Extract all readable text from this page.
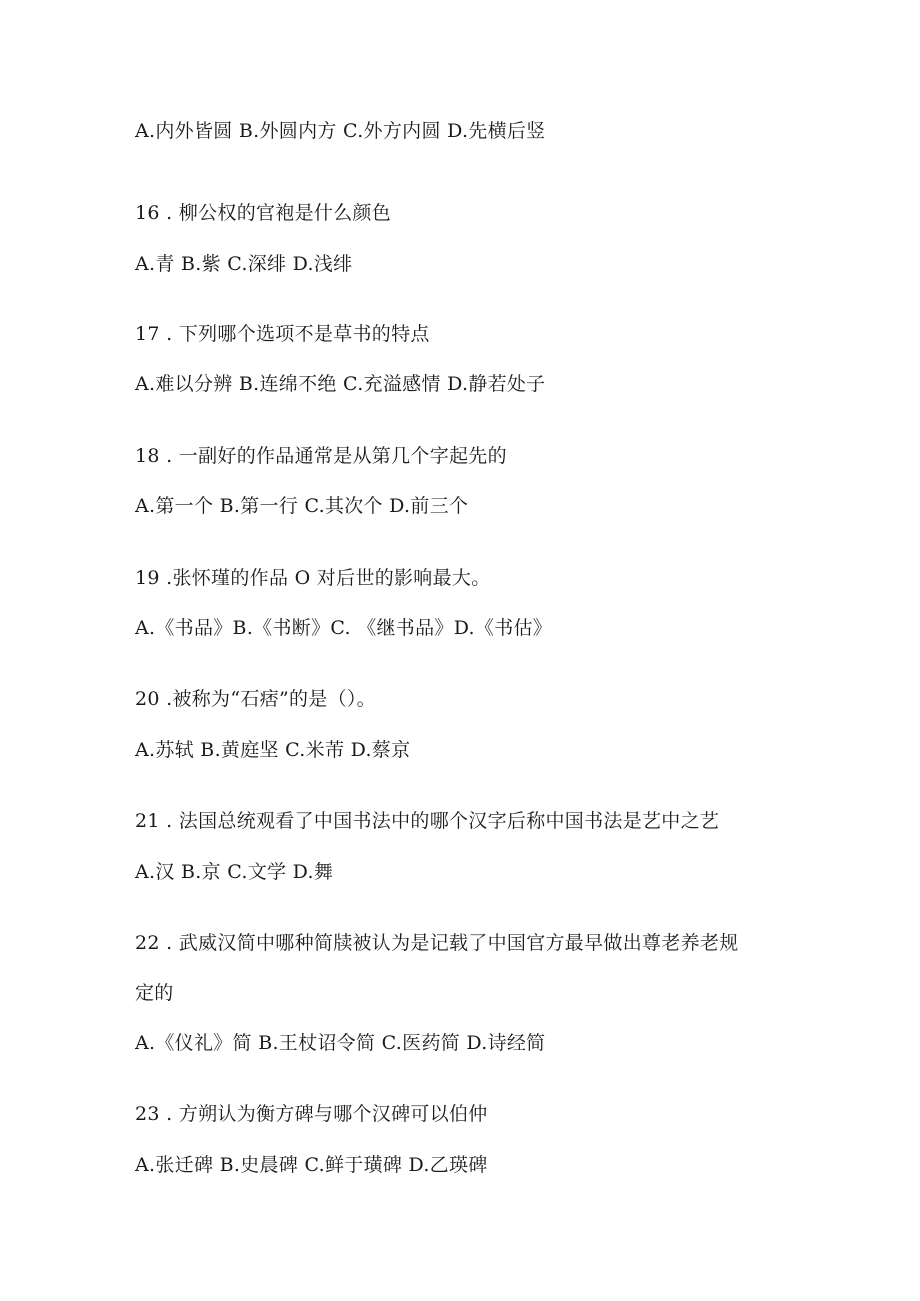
A.内外皆圆 B.外圆内方 C.外方内圆 D.先横后竖
16 . 柳公权的官袍是什么颜色
A.青 B.紫 C.深绯 D.浅绯
17 . 下列哪个选项不是草书的特点
A.难以分辨 B.连绵不绝 C.充溢感情 D.静若处子
18 . 一副好的作品通常是从第几个字起先的
A.第一个 B.第一行 C.其次个 D.前三个
19 .张怀瑾的作品 O 对后世的影响最大。
A.《书品》B.《书断》C. 《继书品》D.《书估》
20 .被称为“石痞”的是（）。
A.苏轼 B.黄庭坚 C.米芾 D.蔡京
21 . 法国总统观看了中国书法中的哪个汉字后称中国书法是艺中之艺
A.汉 B.京 C.文学 D.舞
22 . 武威汉简中哪种简牍被认为是记载了中国官方最早做出尊老养老规
定的
A.《仪礼》简 B.王杖诏令简 C.医药简 D.诗经简
23 . 方朔认为衡方碑与哪个汉碑可以伯仲
A.张迁碑 B.史晨碑 C.鲜于璜碑 D.乙瑛碑
